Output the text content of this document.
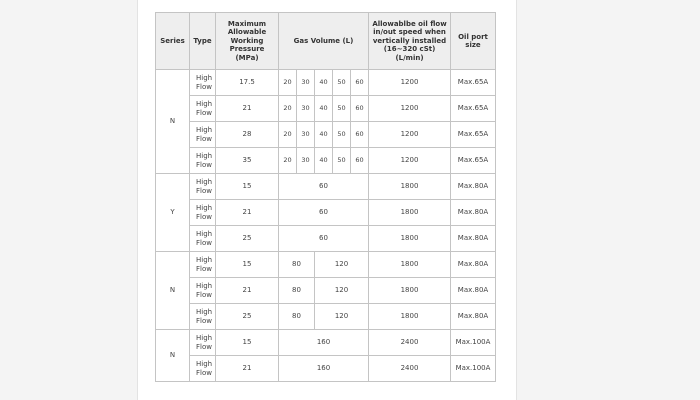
Series	Type	Maximum Allowable Working Pressure (MPa)	Gas Volume (L)					Allowablbe oil flow in/out speed when vertically installed (16~320 cSt) (L/min)	Oil port size
N	High Flow	17.5	20	30	40	50	60	1200	Max.65A
	High Flow	21	20	30	40	50	60	1200	Max.65A
	High Flow	28	20	30	40	50	60	1200	Max.65A
	High Flow	35	20	30	40	50	60	1200	Max.65A
Y	High Flow	15	60					1800	Max.80A
	High Flow	21	60					1800	Max.80A
	High Flow	25	60					1800	Max.80A
N	High Flow	15	80		120			1800	Max.80A
	High Flow	21	80		120			1800	Max.80A
	High Flow	25	80		120			1800	Max.80A
N	High Flow	15	160					2400	Max.100A
	High Flow	21	160					2400	Max.100A
